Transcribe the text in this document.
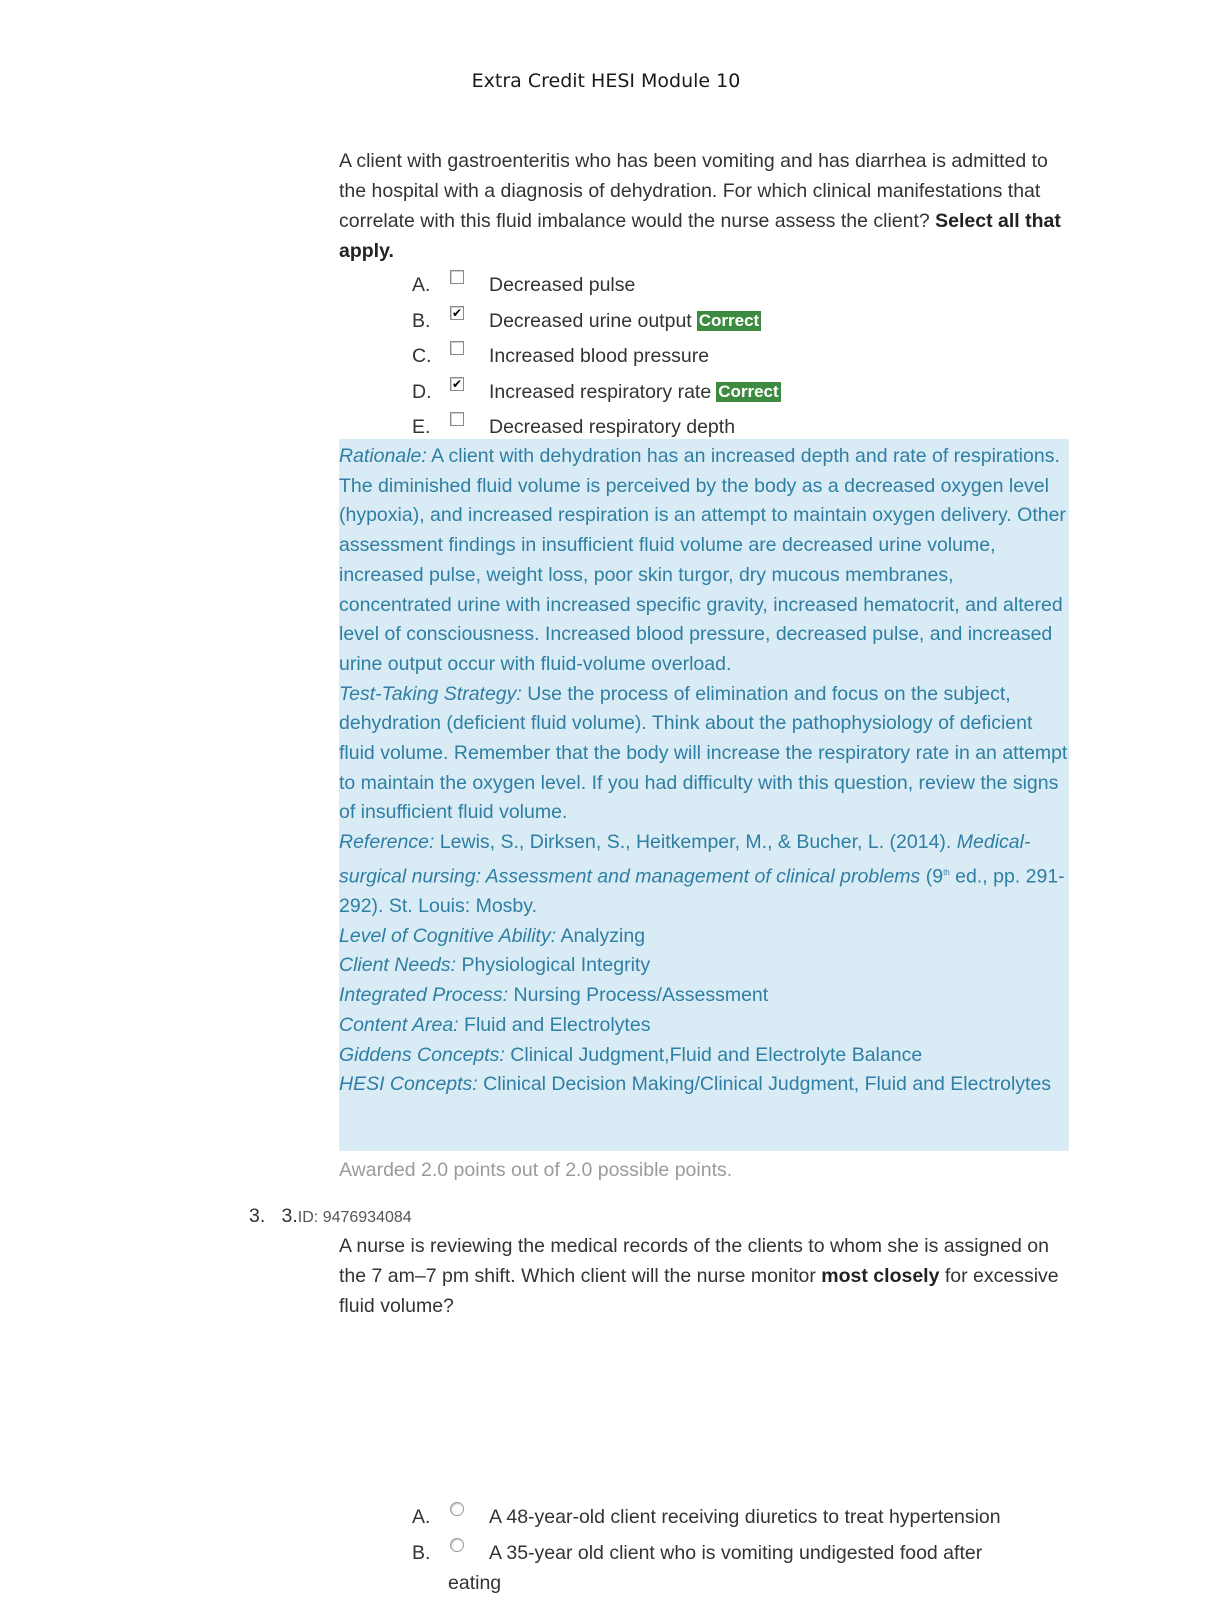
Extra Credit HESI Module 10
A client with gastroenteritis who has been vomiting and has diarrhea is admitted to the hospital with a diagnosis of dehydration. For which clinical manifestations that correlate with this fluid imbalance would the nurse assess the client? Select all that apply.
A.	Decreased pulse
B. ✔ Decreased urine output Correct
C.	Increased blood pressure
D. ✔ Increased respiratory rate Correct
E.	Decreased respiratory depth

Rationale: A client with dehydration has an increased depth and rate of respirations. The diminished fluid volume is perceived by the body as a decreased oxygen level (hypoxia), and increased respiration is an attempt to maintain oxygen delivery. Other assessment findings in insufficient fluid volume are decreased urine volume, increased pulse, weight loss, poor skin turgor, dry mucous membranes, concentrated urine with increased specific gravity, increased hematocrit, and altered level of consciousness. Increased blood pressure, decreased pulse, and increased urine output occur with fluid-volume overload.

Test-Taking Strategy: Use the process of elimination and focus on the subject, dehydration (deficient fluid volume). Think about the pathophysiology of deficient fluid volume. Remember that the body will increase the respiratory rate in an attempt to maintain the oxygen level. If you had difficulty with this question, review the signs of insufficient fluid volume.

Reference: Lewis, S., Dirksen, S., Heitkemper, M., & Bucher, L. (2014). Medical-surgical nursing: Assessment and management of clinical problems (9th ed., pp. 291-292). St. Louis: Mosby.

Level of Cognitive Ability: Analyzing

Client Needs: Physiological Integrity

Integrated Process: Nursing Process/Assessment

Content Area: Fluid and Electrolytes

Giddens Concepts: Clinical Judgment,Fluid and Electrolyte Balance

HESI Concepts: Clinical Decision Making/Clinical Judgment, Fluid and Electrolytes

Awarded 2.0 points out of 2.0 possible points.
3. 3.ID: 9476934084
A nurse is reviewing the medical records of the clients to whom she is assigned on the 7 am–7 pm shift. Which client will the nurse monitor most closely for excessive fluid volume?
A.	A 48-year-old client receiving diuretics to treat hypertension
B.	A 35-year old client who is vomiting undigested food after
eating
